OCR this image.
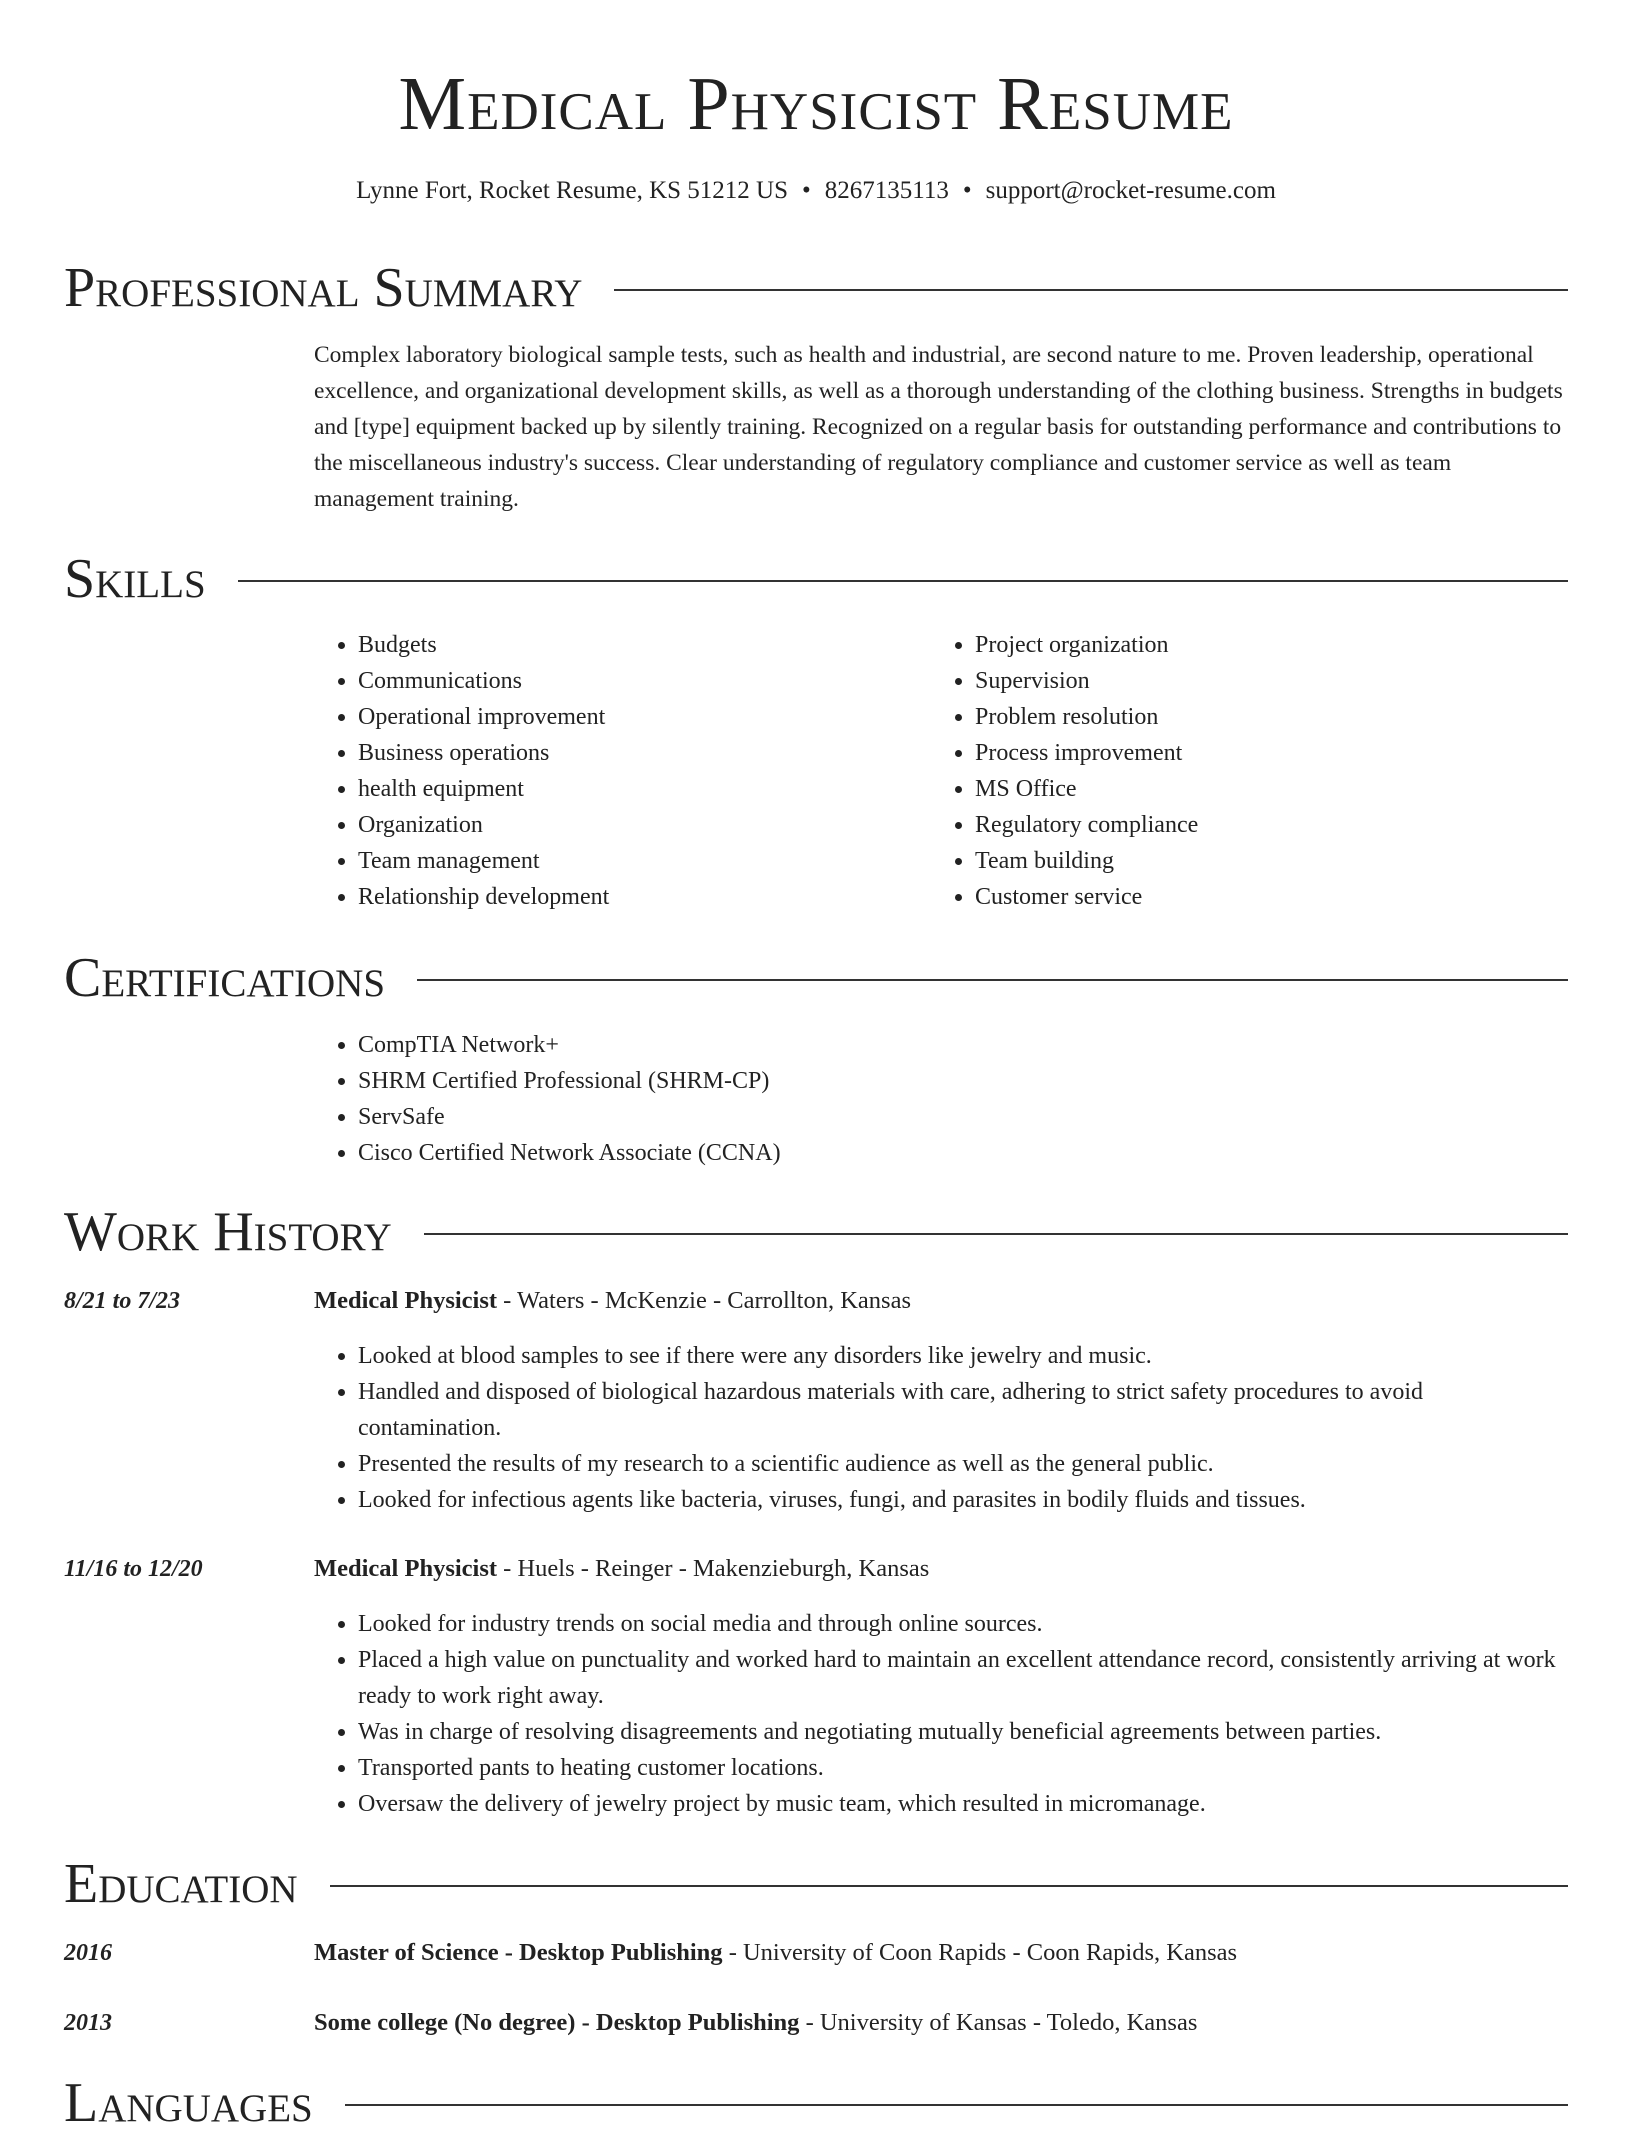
Medical Physicist Resume
Lynne Fort, Rocket Resume, KS 51212 US • 8267135113 • support@rocket-resume.com
Professional Summary

Complex laboratory biological sample tests, such as health and industrial, are second nature to me. Proven leadership, operational excellence, and organizational development skills, as well as a thorough understanding of the clothing business. Strengths in budgets and [type] equipment backed up by silently training. Recognized on a regular basis for outstanding performance and contributions to the miscellaneous industry's success. Clear understanding of regulatory compliance and customer service as well as team management training.

Skills
• Budgets
• Communications
• Operational improvement
• Business operations
• health equipment
• Organization
• Team management
• Relationship development
• Project organization
• Supervision
• Problem resolution
• Process improvement
• MS Office
• Regulatory compliance
• Team building
• Customer service
Certifications
• CompTIA Network+
• SHRM Certified Professional (SHRM-CP)
• ServSafe
• Cisco Certified Network Associate (CCNA)
Work History
8/21 to 7/23	Medical Physicist - Waters - McKenzie - Carrollton, Kansas
• Looked at blood samples to see if there were any disorders like jewelry and music.
• Handled and disposed of biological hazardous materials with care, adhering to strict safety procedures to avoid contamination.
• Presented the results of my research to a scientific audience as well as the general public.
• Looked for infectious agents like bacteria, viruses, fungi, and parasites in bodily fluids and tissues.
11/16 to 12/20	Medical Physicist - Huels - Reinger - Makenzieburgh, Kansas
• Looked for industry trends on social media and through online sources.
• Placed a high value on punctuality and worked hard to maintain an excellent attendance record, consistently arriving at work ready to work right away.
• Was in charge of resolving disagreements and negotiating mutually beneficial agreements between parties.
• Transported pants to heating customer locations.
• Oversaw the delivery of jewelry project by music team, which resulted in micromanage.
Education
2016	Master of Science - Desktop Publishing - University of Coon Rapids - Coon Rapids, Kansas
2013	Some college (No degree) - Desktop Publishing - University of Kansas - Toledo, Kansas
Languages
